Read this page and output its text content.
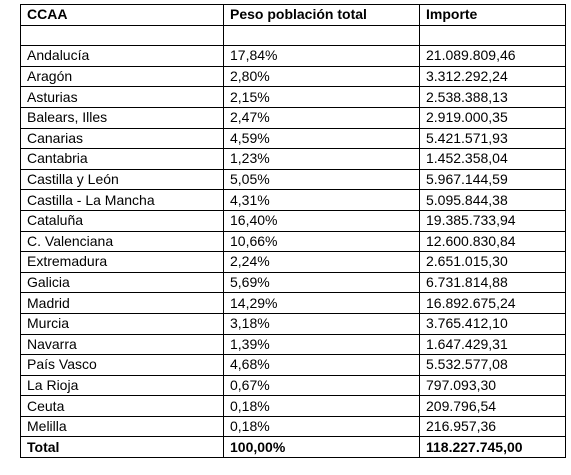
CCAA	Peso población total	Importe

Andalucía	17,84%	21.089.809,46
Aragón	2,80%	3.312.292,24
Asturias	2,15%	2.538.388,13
Balears, Illes	2,47%	2.919.000,35
Canarias	4,59%	5.421.571,93
Cantabria	1,23%	1.452.358,04
Castilla y León	5,05%	5.967.144,59
Castilla - La Mancha	4,31%	5.095.844,38
Cataluña	16,40%	19.385.733,94
C. Valenciana	10,66%	12.600.830,84
Extremadura	2,24%	2.651.015,30
Galicia	5,69%	6.731.814,88
Madrid	14,29%	16.892.675,24
Murcia	3,18%	3.765.412,10
Navarra	1,39%	1.647.429,31
País Vasco	4,68%	5.532.577,08
La Rioja	0,67%	797.093,30
Ceuta	0,18%	209.796,54
Melilla	0,18%	216.957,36
Total	100,00%	118.227.745,00
